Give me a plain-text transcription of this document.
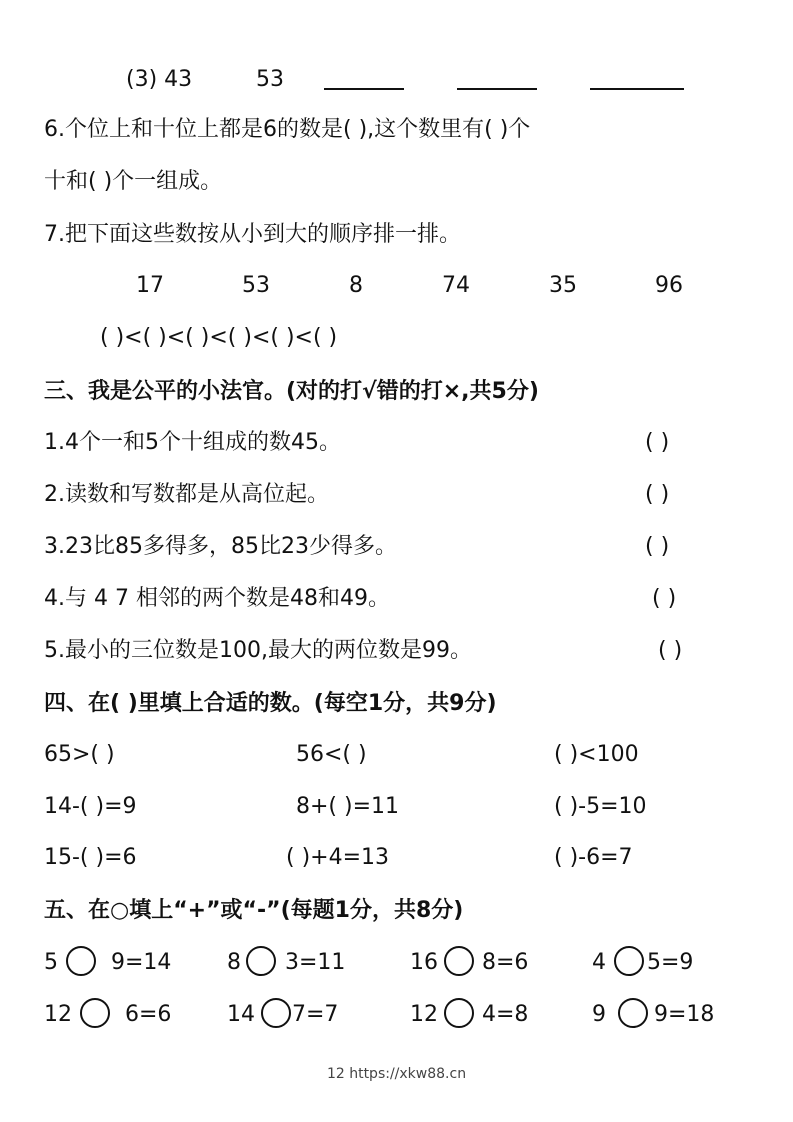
(3) 43	53
6.个位上和十位上都是6的数是( ),这个数里有( )个
十和( )个一组成。
7.把下面这些数按从小到大的顺序排一排。
17	53	8	74	35	96
( )<( )<( )<( )<( )<( )
三、我是公平的小法官。(对的打√错的打×,共5分)
1.4个一和5个十组成的数45。	( )
2.读数和写数都是从高位起。	( )
3.23比85多得多，85比23少得多。	( )
4.与 4 7 相邻的两个数是48和49。	( )
5.最小的三位数是100,最大的两位数是99。	( )
四、在( )里填上合适的数。(每空1分，共9分)
65>( )	56<( )	( )<100
14-( )=9	8+( )=11	( )-5=10
15-( )=6	( )+4=13	( )-6=7
五、在○填上“+”或“-”(每题1分，共8分)
5 9=14	8 3=11	16 8=6	4 5=9
12 6=6	14 7=7	12 4=8	9 9=18
12 https://xkw88.cn
